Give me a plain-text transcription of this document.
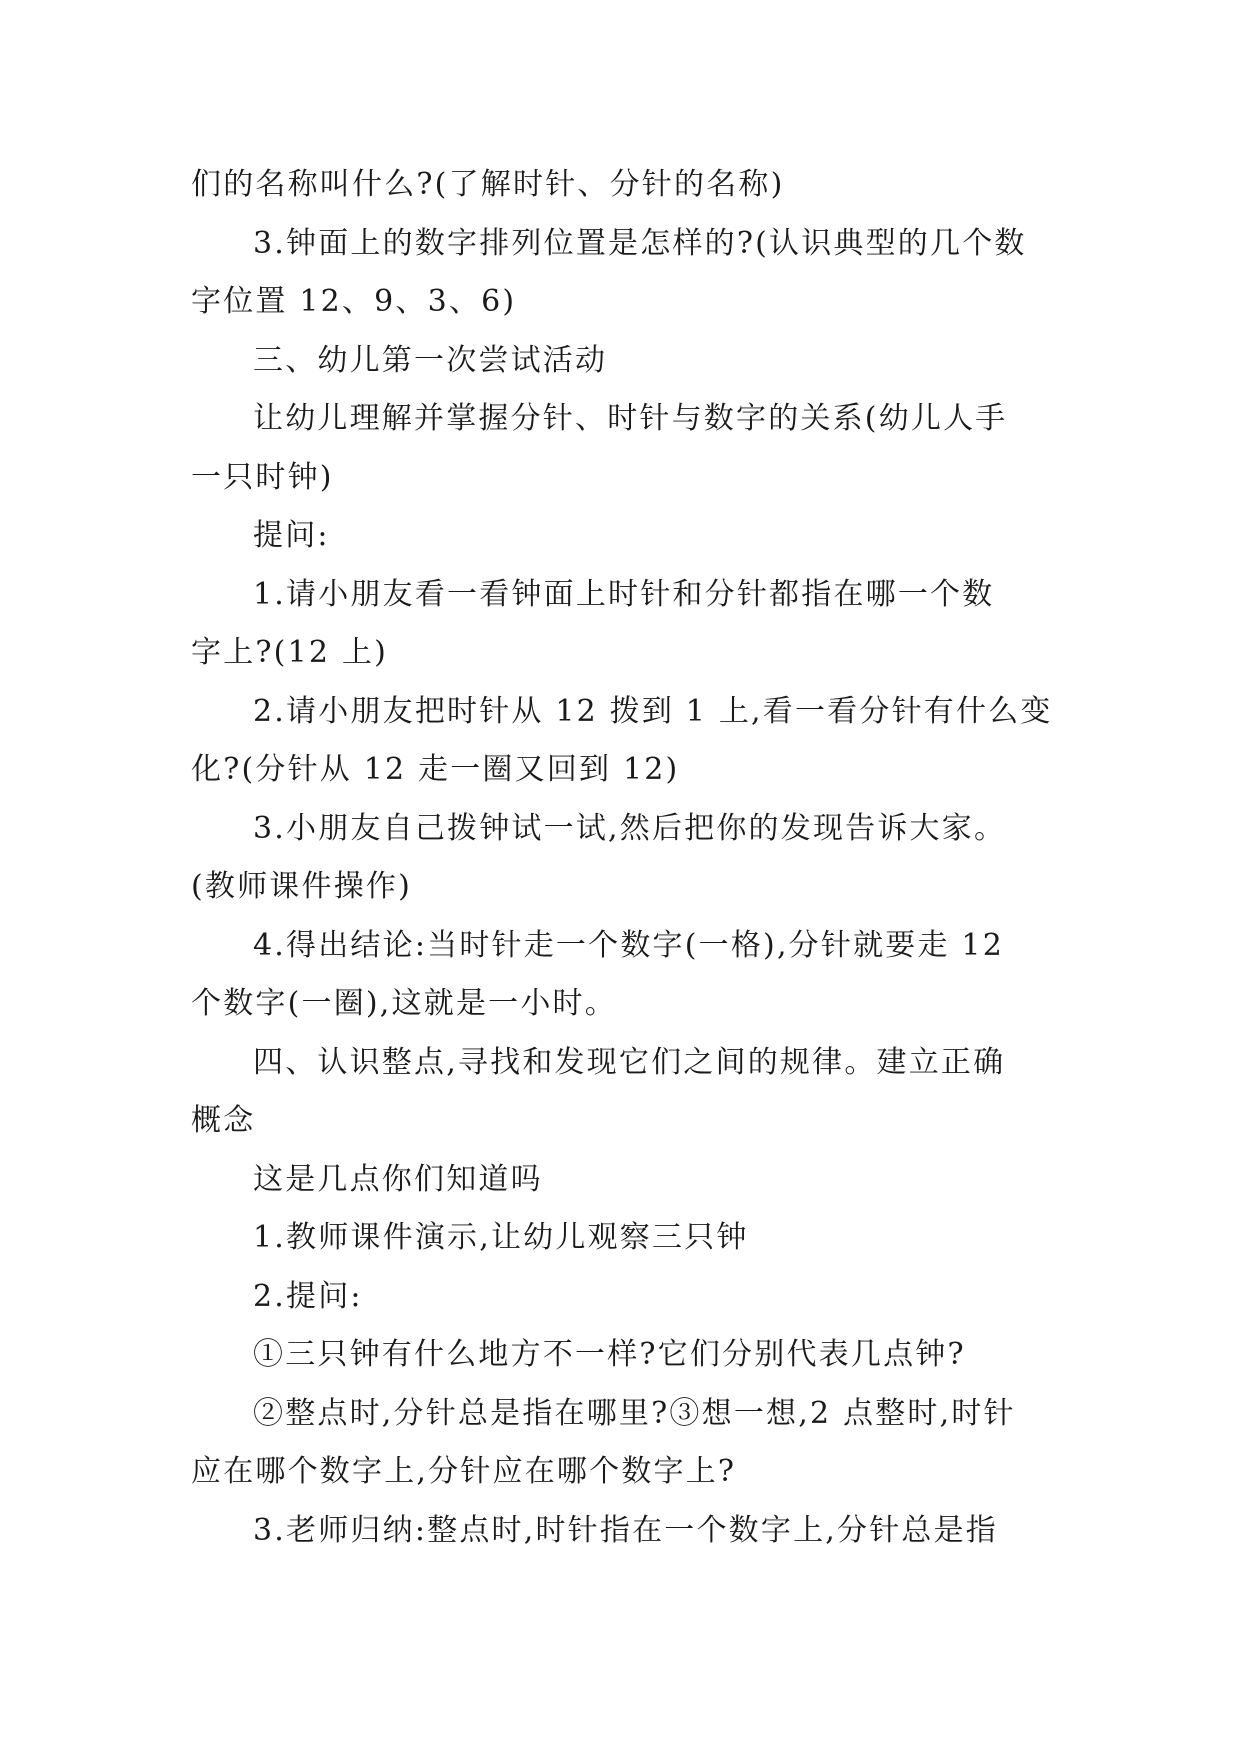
们的名称叫什么?(了解时针、分针的名称)
3.钟面上的数字排列位置是怎样的?(认识典型的几个数
字位置 12、9、3、6)
三、幼儿第一次尝试活动
让幼儿理解并掌握分针、时针与数字的关系(幼儿人手
一只时钟)
提问:
1.请小朋友看一看钟面上时针和分针都指在哪一个数
字上?(12 上)
2.请小朋友把时针从 12 拨到 1 上,看一看分针有什么变
化?(分针从 12 走一圈又回到 12)
3.小朋友自己拨钟试一试,然后把你的发现告诉大家。
(教师课件操作)
4.得出结论:当时针走一个数字(一格),分针就要走 12
个数字(一圈),这就是一小时。
四、认识整点,寻找和发现它们之间的规律。建立正确
概念
这是几点你们知道吗
1.教师课件演示,让幼儿观察三只钟
2.提问:
①三只钟有什么地方不一样?它们分别代表几点钟?
②整点时,分针总是指在哪里?③想一想,2 点整时,时针
应在哪个数字上,分针应在哪个数字上?
3.老师归纳:整点时,时针指在一个数字上,分针总是指
